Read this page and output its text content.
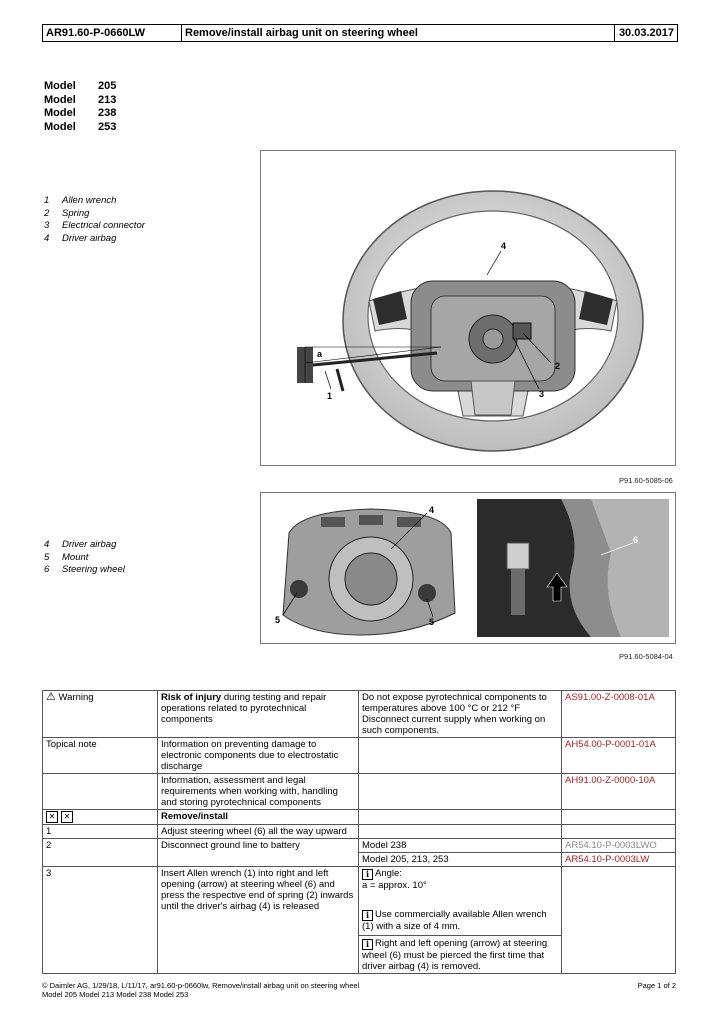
AR91.60-P-0660LW	Remove/install airbag unit on steering wheel	30.03.2017
Model	205
Model	213
Model	238
Model	253
1	Allen wrench
2	Spring
3	Electrical connector
4	Driver airbag
4
a
2
3
1
P91.60-5085-06
4	Driver airbag
5	Mount
6	Steering wheel
4
5	5
6
P91.60-5084-04
⚠ Warning	Risk of injury during testing and repair operations related to pyrotechnical components	Do not expose pyrotechnical components to temperatures above 100 °C or 212 °F Disconnect current supply when working on such components.	AS91.00-Z-0008-01A
Topical note	Information on preventing damage to electronic components due to electrostatic discharge		AH54.00-P-0001-01A
	Information, assessment and legal requirements when working with, handling and storing pyrotechnical components		AH91.00-Z-0000-10A
✕ ✕	Remove/install		
1	Adjust steering wheel (6) all the way upward		
2	Disconnect ground line to battery	Model 238	AR54.10-P-0003LWO
		Model 205, 213, 253	AR54.10-P-0003LW
3	Insert Allen wrench (1) into right and left opening (arrow) at steering wheel (6) and press the respective end of spring (2) inwards until the driver's airbag (4) is released	i Angle:
a = approx. 10°
i Use commercially available Allen wrench (1) with a size of 4 mm.
i Right and left opening (arrow) at steering wheel (6) must be pierced the first time that driver airbag (4) is removed.	

© Daimler AG, 1/29/18, L/11/17, ar91.60-p-0660lw, Remove/install airbag unit on steering wheel
Model 205 Model 213 Model 238 Model 253
Page 1 of 2
